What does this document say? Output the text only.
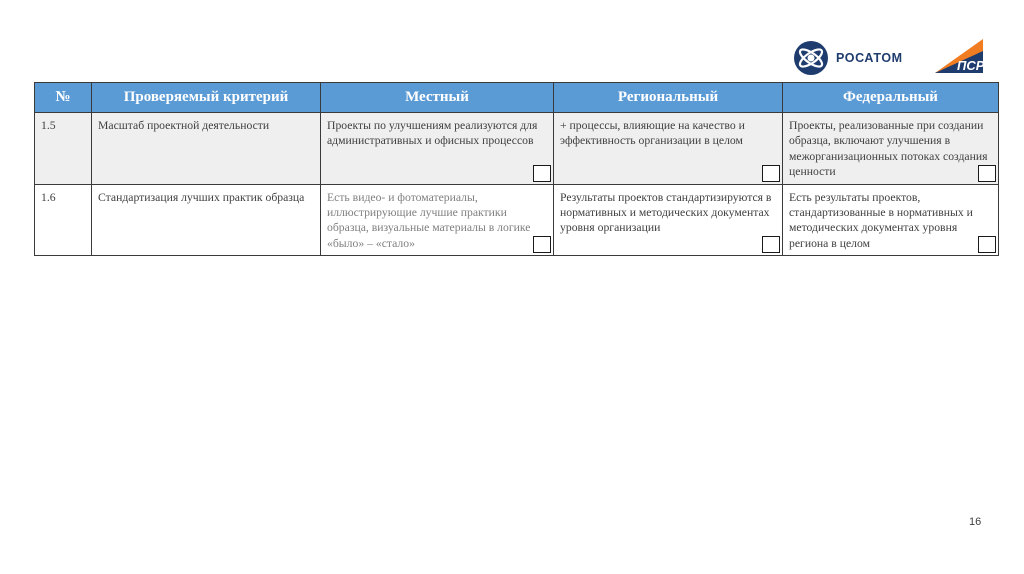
РОСАТОМ	ПСР
№	Проверяемый критерий	Местный	Региональный	Федеральный
1.5	Масштаб проектной деятельности	Проекты по улучшениям реализуются для административных и офисных процессов	+ процессы, влияющие на качество и эффективность организации в целом	Проекты, реализованные при создании образца, включают улучшения в межорганизационных потоках создания ценности

1.6	Стандартизация лучших практик образца	Есть видео- и фотоматериалы, иллюстрирующие лучшие практики образца, визуальные материалы в логике «было» – «стало»	Результаты проектов стандартизируются в нормативных и методических документах уровня организации	Есть результаты проектов, стандартизованные в нормативных и методических документах уровня региона в целом
16
